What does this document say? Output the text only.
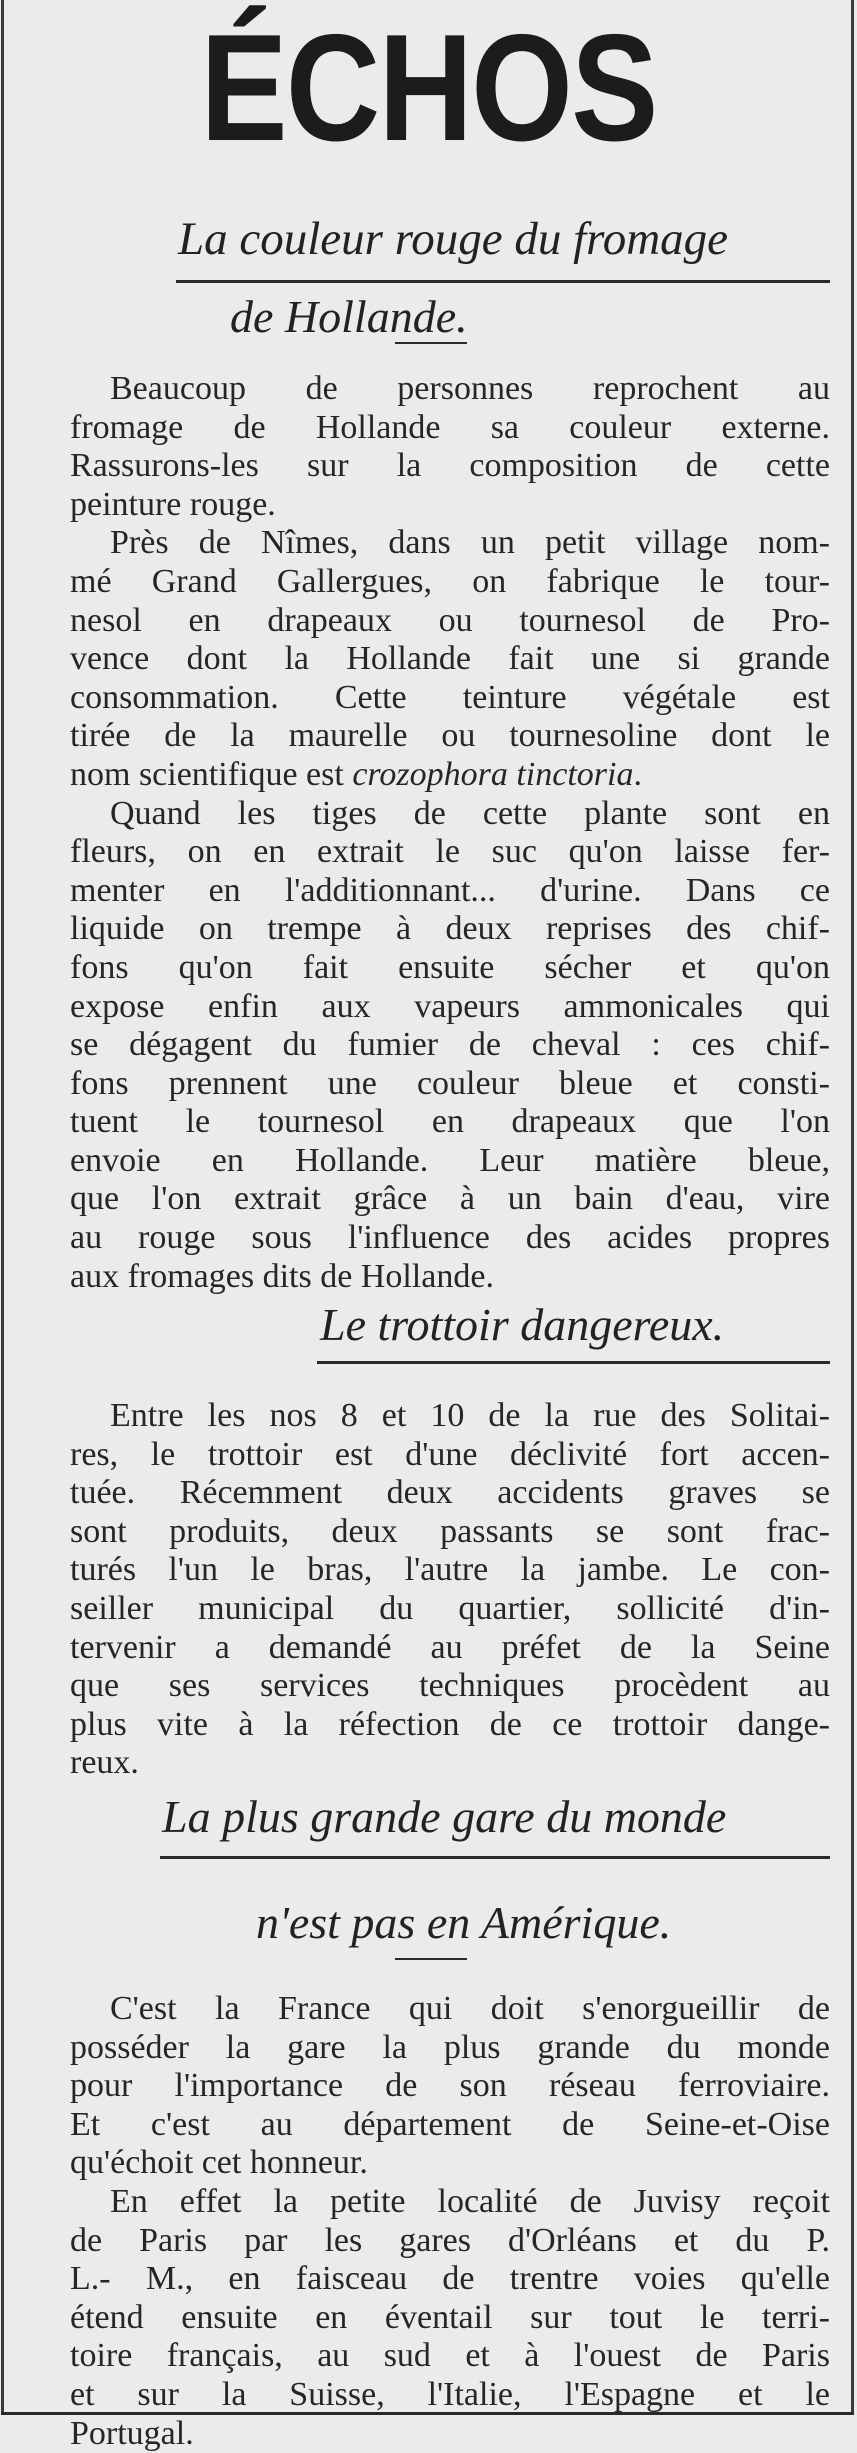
ÉCHOS
La couleur rouge du fromage
de Hollande.
Beaucoup de personnes reprochent au
fromage de Hollande sa couleur externe.
Rassurons-les sur la composition de cette
peinture rouge.
Près de Nîmes, dans un petit village nom-
mé Grand Gallergues, on fabrique le tour-
nesol en drapeaux ou tournesol de Pro-
vence dont la Hollande fait une si grande
consommation. Cette teinture végétale est
tirée de la maurelle ou tournesoline dont le
nom scientifique est crozophora tinctoria.
Quand les tiges de cette plante sont en
fleurs, on en extrait le suc qu'on laisse fer-
menter en l'additionnant... d'urine. Dans ce
liquide on trempe à deux reprises des chif-
fons qu'on fait ensuite sécher et qu'on
expose enfin aux vapeurs ammonicales qui
se dégagent du fumier de cheval : ces chif-
fons prennent une couleur bleue et consti-
tuent le tournesol en drapeaux que l'on
envoie en Hollande. Leur matière bleue,
que l'on extrait grâce à un bain d'eau, vire
au rouge sous l'influence des acides propres
aux fromages dits de Hollande.
Le trottoir dangereux.
Entre les nos 8 et 10 de la rue des Solitai-
res, le trottoir est d'une déclivité fort accen-
tuée. Récemment deux accidents graves se
sont produits, deux passants se sont frac-
turés l'un le bras, l'autre la jambe. Le con-
seiller municipal du quartier, sollicité d'in-
tervenir a demandé au préfet de la Seine
que ses services techniques procèdent au
plus vite à la réfection de ce trottoir dange-
reux.
La plus grande gare du monde
n'est pas en Amérique.
C'est la France qui doit s'enorgueillir de
posséder la gare la plus grande du monde
pour l'importance de son réseau ferroviaire.
Et c'est au département de Seine-et-Oise
qu'échoit cet honneur.
En effet la petite localité de Juvisy reçoit
de Paris par les gares d'Orléans et du P.
L.- M., en faisceau de trentre voies qu'elle
étend ensuite en éventail sur tout le terri-
toire français, au sud et à l'ouest de Paris
et sur la Suisse, l'Italie, l'Espagne et le
Portugal.
